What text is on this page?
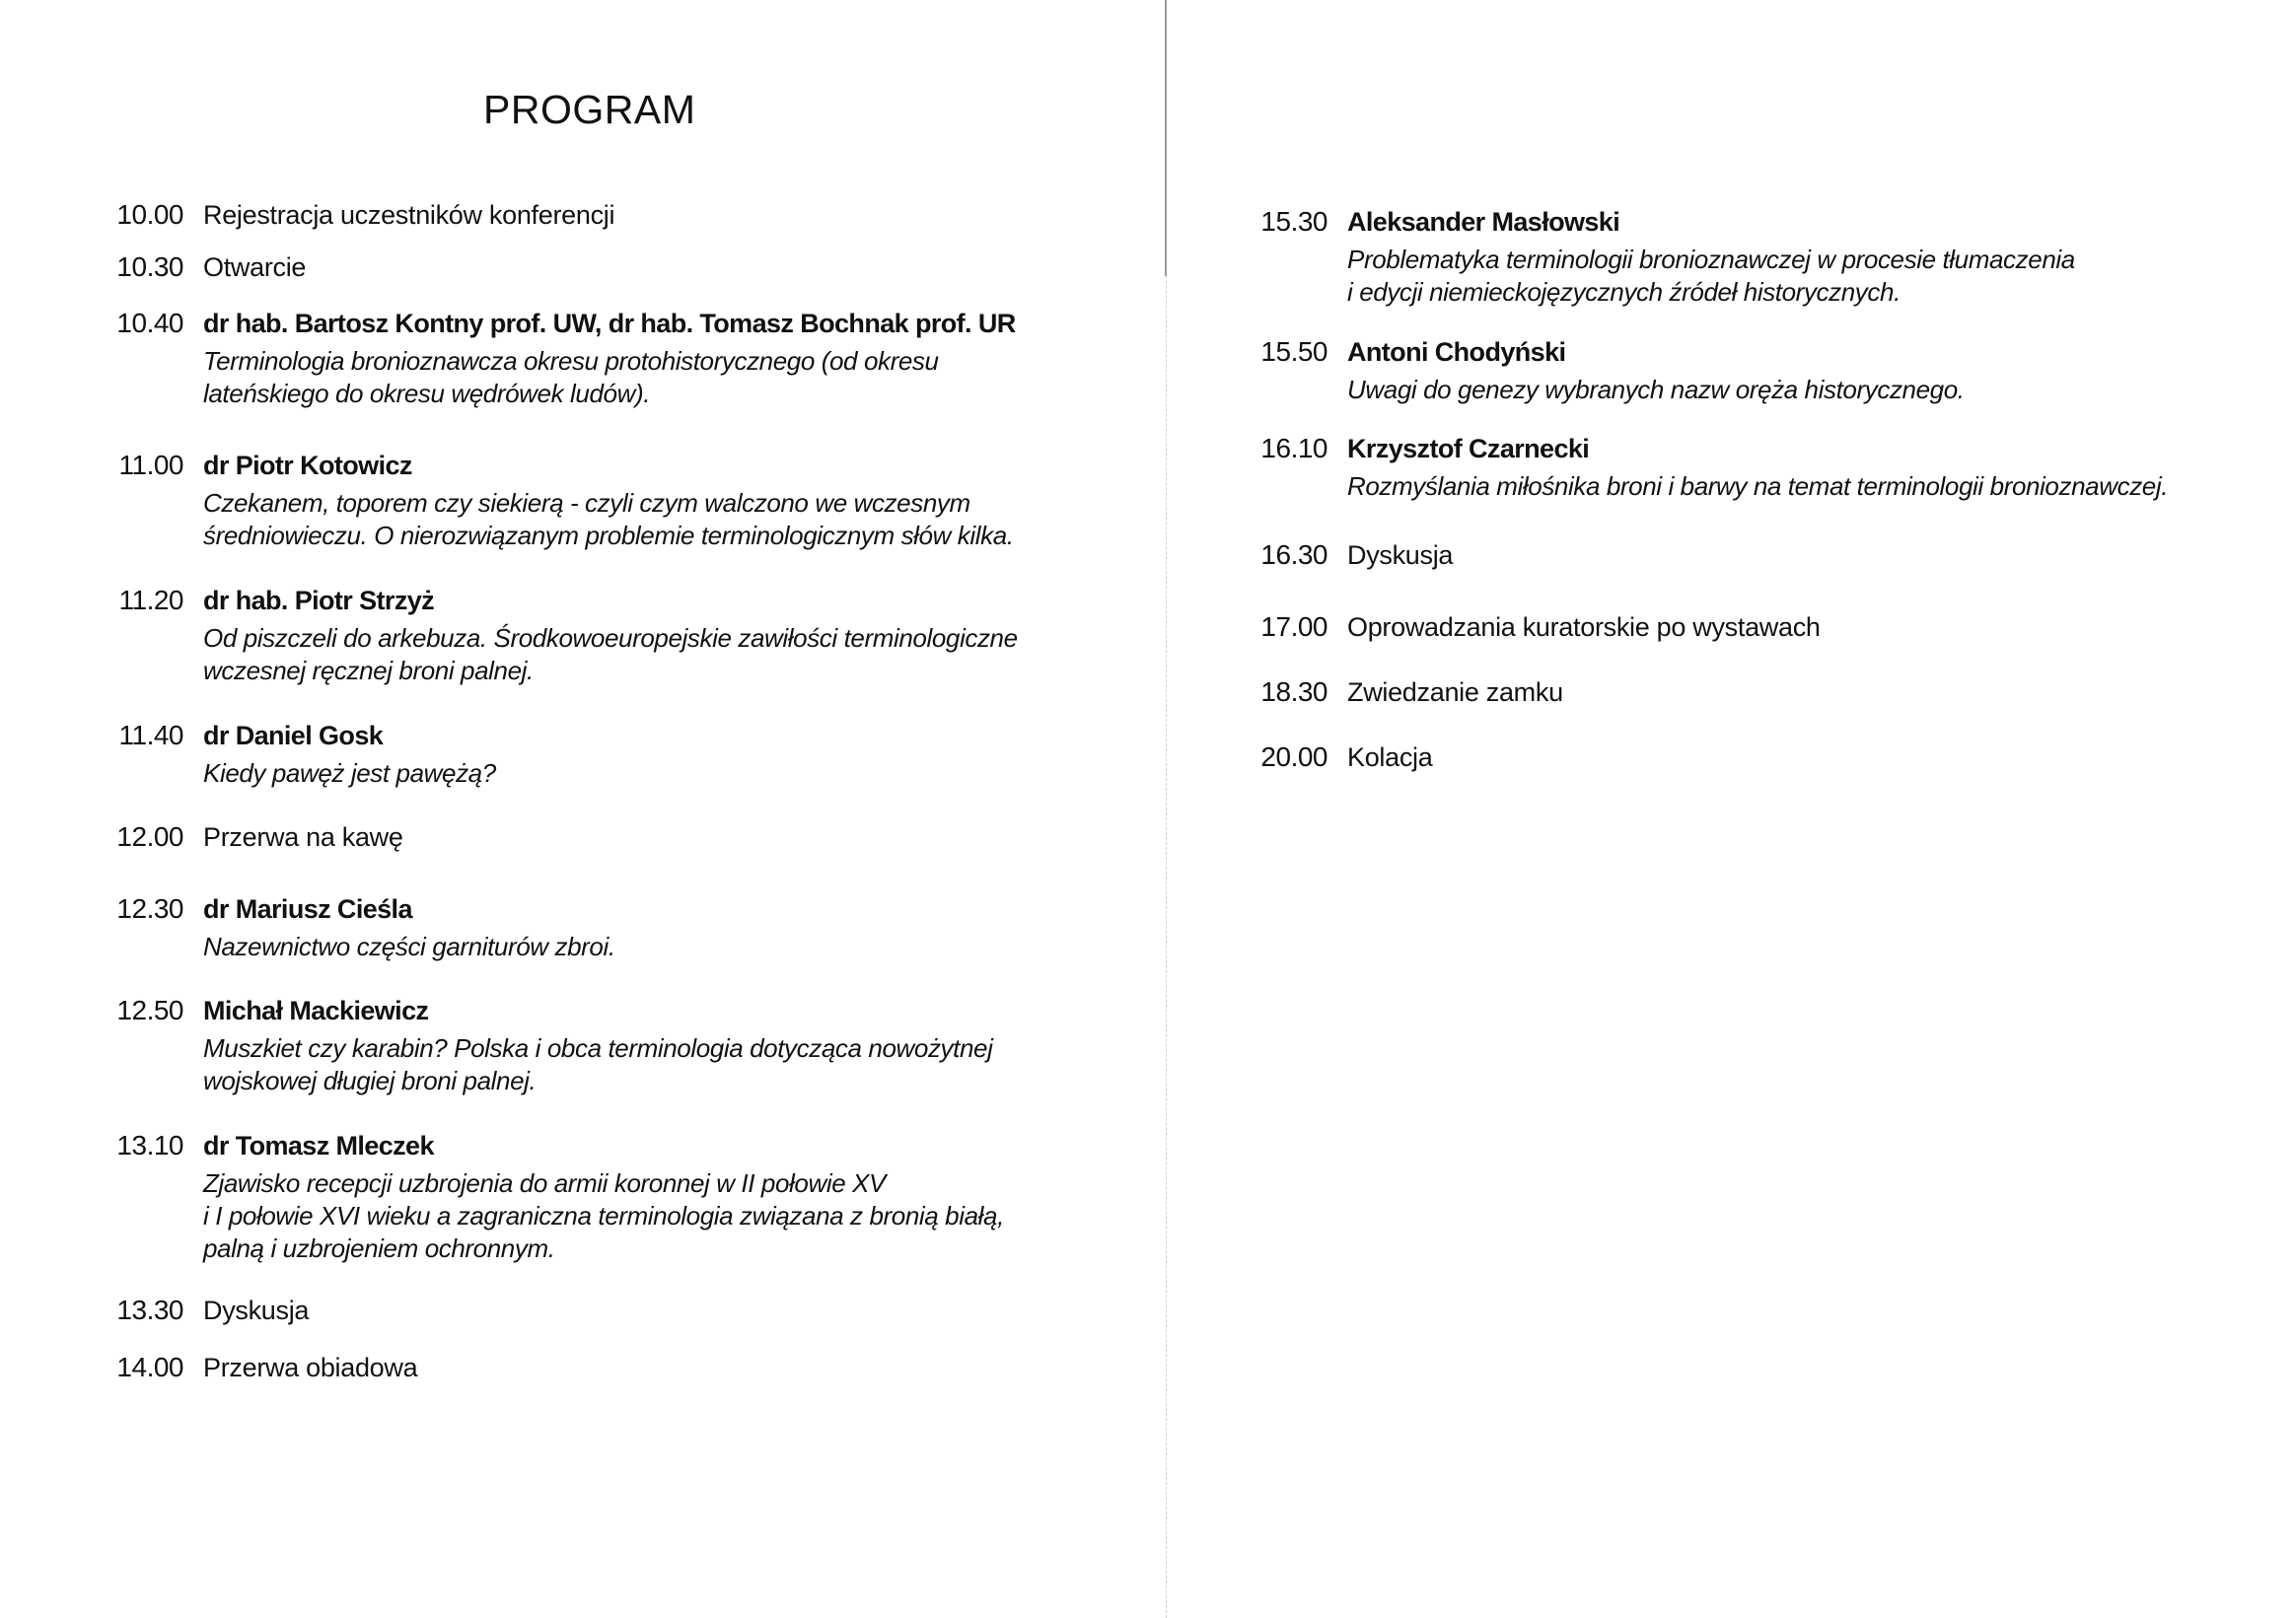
PROGRAM
10.00 Rejestracja uczestników konferencji
10.30 Otwarcie
10.40 dr hab. Bartosz Kontny prof. UW, dr hab. Tomasz Bochnak prof. UR
Terminologia bronioznawcza okresu protohistorycznego (od okresu
lateńskiego do okresu wędrówek ludów).
11.00 dr Piotr Kotowicz
Czekanem, toporem czy siekierą - czyli czym walczono we wczesnym
średniowieczu. O nierozwiązanym problemie terminologicznym słów kilka.
11.20 dr hab. Piotr Strzyż
Od piszczeli do arkebuza. Środkowoeuropejskie zawiłości terminologiczne
wczesnej ręcznej broni palnej.
11.40 dr Daniel Gosk
Kiedy pawęż jest pawężą?
12.00 Przerwa na kawę
12.30 dr Mariusz Cieśla
Nazewnictwo części garniturów zbroi.
12.50 Michał Mackiewicz
Muszkiet czy karabin? Polska i obca terminologia dotycząca nowożytnej
wojskowej długiej broni palnej.
13.10 dr Tomasz Mleczek
Zjawisko recepcji uzbrojenia do armii koronnej w II połowie XV
i I połowie XVI wieku a zagraniczna terminologia związana z bronią białą,
palną i uzbrojeniem ochronnym.
13.30 Dyskusja
14.00 Przerwa obiadowa
15.30 Aleksander Masłowski
Problematyka terminologii bronioznawczej w procesie tłumaczenia
i edycji niemieckojęzycznych źródeł historycznych.
15.50 Antoni Chodyński
Uwagi do genezy wybranych nazw oręża historycznego.
16.10 Krzysztof Czarnecki
Rozmyślania miłośnika broni i barwy na temat terminologii bronioznawczej.
16.30 Dyskusja
17.00 Oprowadzania kuratorskie po wystawach
18.30 Zwiedzanie zamku
20.00 Kolacja
